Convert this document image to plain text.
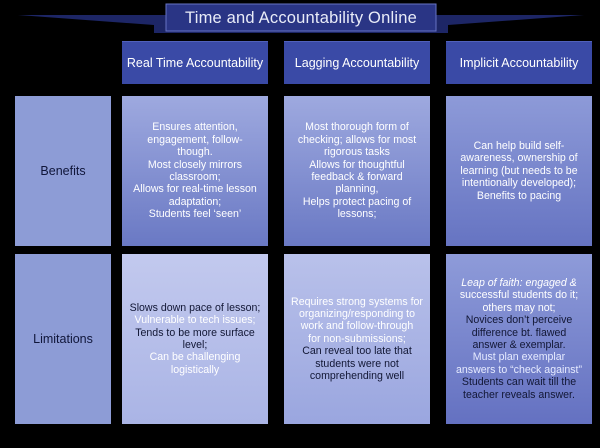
Time and Accountability Online
Real Time Accountability	Lagging Accountability	Implicit Accountability
Benefits
Limitations
Ensures attention,
engagement, follow-
though.
Most closely mirrors
classroom;
Allows for real-time lesson
adaptation;
Students feel ‘seen’
Most thorough form of
checking; allows for most
rigorous tasks
Allows for thoughtful
feedback & forward
planning,
Helps protect pacing of
lessons;
Can help build self-
awareness, ownership of
learning (but needs to be
intentionally developed);
Benefits to pacing
Slows down pace of lesson;
Vulnerable to tech issues;
Tends to be more surface
level;
Can be challenging
logistically
Requires strong systems for
organizing/responding to
work and follow-through
for non-submissions;
Can reveal too late that
students were not
comprehending well
Leap of faith: engaged &
successful students do it;
others may not;
Novices don’t perceive
difference bt. flawed
answer & exemplar.
Must plan exemplar
answers to “check against”
Students can wait till the
teacher reveals answer.
